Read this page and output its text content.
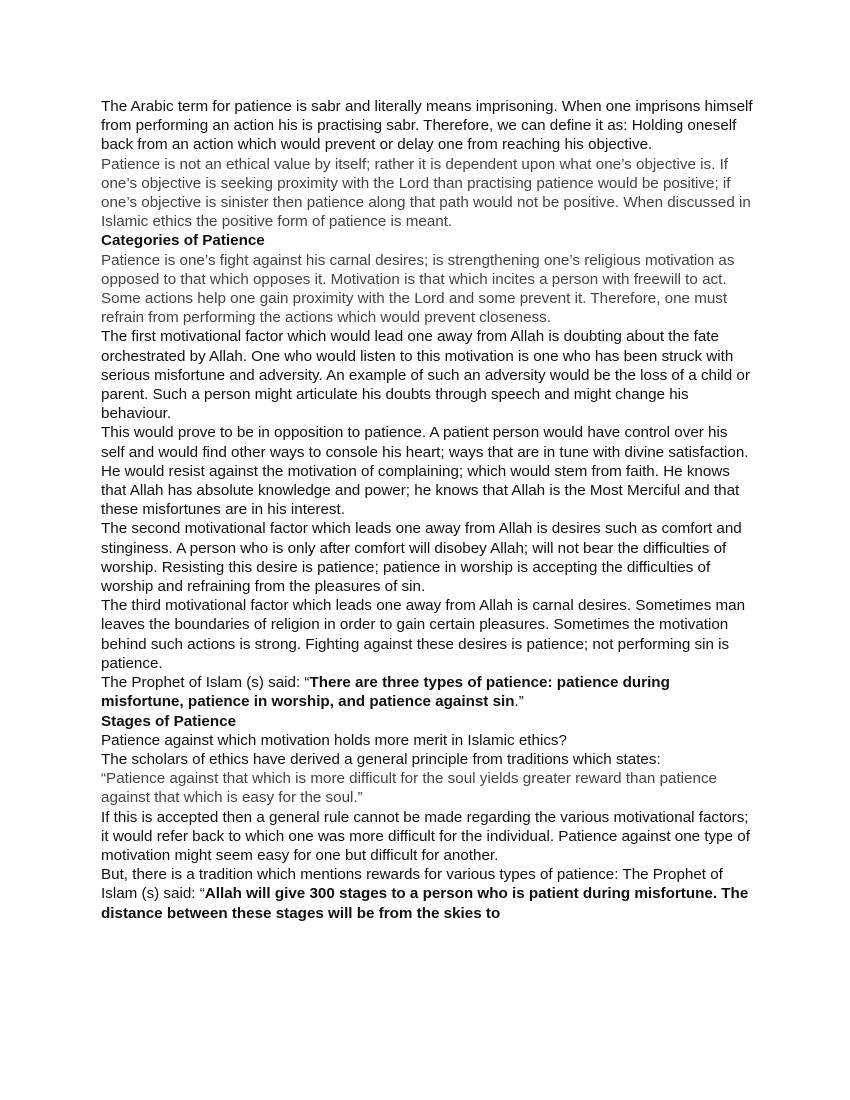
The Arabic term for patience is sabr and literally means imprisoning. When one imprisons himself from performing an action his is practising sabr. Therefore, we can define it as: Holding oneself back from an action which would prevent or delay one from reaching his objective.

Patience is not an ethical value by itself; rather it is dependent upon what one’s objective is. If one’s objective is seeking proximity with the Lord than practising patience would be positive; if one’s objective is sinister then patience along that path would not be positive. When discussed in Islamic ethics the positive form of patience is meant.

Categories of Patience

Patience is one’s fight against his carnal desires; is strengthening one’s religious motivation as opposed to that which opposes it. Motivation is that which incites a person with freewill to act. Some actions help one gain proximity with the Lord and some prevent it. Therefore, one must refrain from performing the actions which would prevent closeness.

The first motivational factor which would lead one away from Allah is doubting about the fate orchestrated by Allah. One who would listen to this motivation is one who has been struck with serious misfortune and adversity. An example of such an adversity would be the loss of a child or parent. Such a person might articulate his doubts through speech and might change his behaviour.

This would prove to be in opposition to patience. A patient person would have control over his self and would find other ways to console his heart; ways that are in tune with divine satisfaction. He would resist against the motivation of complaining; which would stem from faith. He knows that Allah has absolute knowledge and power; he knows that Allah is the Most Merciful and that these misfortunes are in his interest.

The second motivational factor which leads one away from Allah is desires such as comfort and stinginess. A person who is only after comfort will disobey Allah; will not bear the difficulties of worship. Resisting this desire is patience; patience in worship is accepting the difficulties of worship and refraining from the pleasures of sin.

The third motivational factor which leads one away from Allah is carnal desires. Sometimes man leaves the boundaries of religion in order to gain certain pleasures. Sometimes the motivation behind such actions is strong. Fighting against these desires is patience; not performing sin is patience.

The Prophet of Islam (s) said: “There are three types of patience: patience during misfortune, patience in worship, and patience against sin.”

Stages of Patience

Patience against which motivation holds more merit in Islamic ethics?

The scholars of ethics have derived a general principle from traditions which states:

“Patience against that which is more difficult for the soul yields greater reward than patience against that which is easy for the soul.”

If this is accepted then a general rule cannot be made regarding the various motivational factors; it would refer back to which one was more difficult for the individual. Patience against one type of motivation might seem easy for one but difficult for another.

But, there is a tradition which mentions rewards for various types of patience: The Prophet of Islam (s) said: “Allah will give 300 stages to a person who is patient during misfortune. The distance between these stages will be from the skies to
